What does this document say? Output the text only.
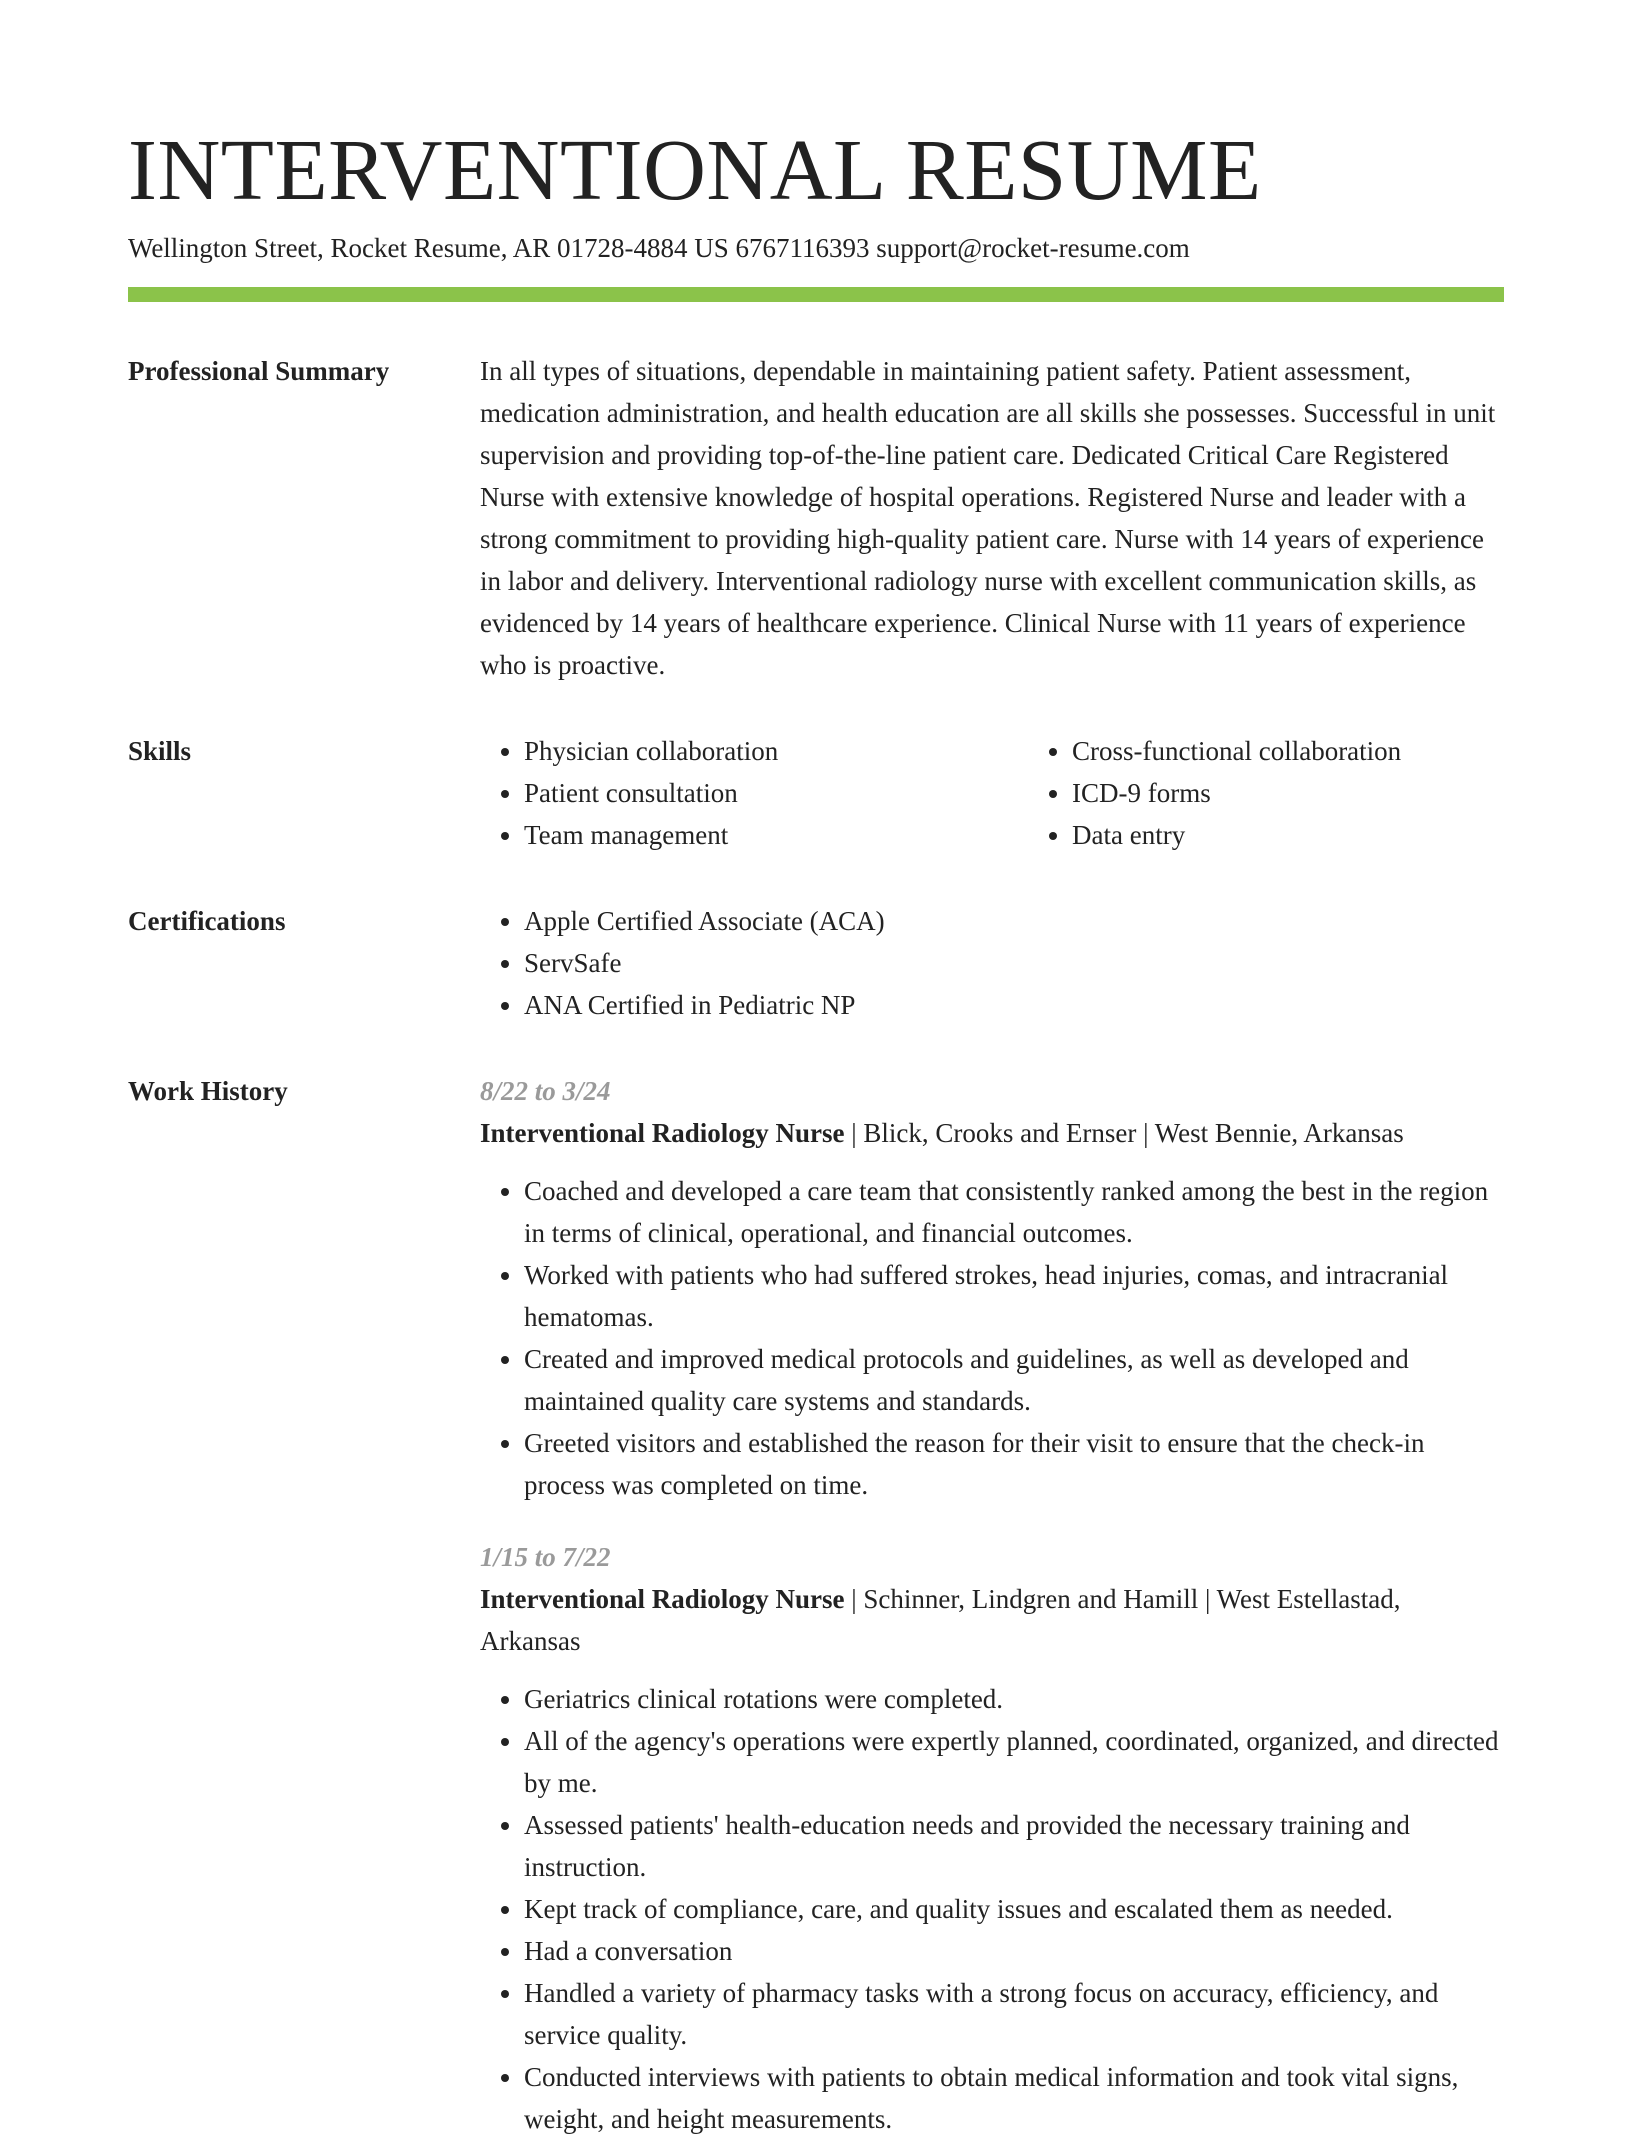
INTERVENTIONAL RESUME
Wellington Street, Rocket Resume, AR 01728-4884 US 6767116393 support@rocket-resume.com
Professional Summary	In all types of situations, dependable in maintaining patient safety. Patient assessment, medication administration, and health education are all skills she possesses. Successful in unit supervision and providing top-of-the-line patient care. Dedicated Critical Care Registered Nurse with extensive knowledge of hospital operations. Registered Nurse and leader with a strong commitment to providing high-quality patient care. Nurse with 14 years of experience in labor and delivery. Interventional radiology nurse with excellent communication skills, as evidenced by 14 years of healthcare experience. Clinical Nurse with 11 years of experience who is proactive.

Skills	• Physician collaboration
• Patient consultation
• Team management
• Cross-functional collaboration
• ICD-9 forms
• Data entry
Certifications	• Apple Certified Associate (ACA)
• ServSafe
• ANA Certified in Pediatric NP
Work History	8/22 to 3/24
Interventional Radiology Nurse | Blick, Crooks and Ernser | West Bennie, Arkansas
• Coached and developed a care team that consistently ranked among the best in the region in terms of clinical, operational, and financial outcomes.
• Worked with patients who had suffered strokes, head injuries, comas, and intracranial hematomas.
• Created and improved medical protocols and guidelines, as well as developed and maintained quality care systems and standards.
• Greeted visitors and established the reason for their visit to ensure that the check-in process was completed on time.
1/15 to 7/22
Interventional Radiology Nurse | Schinner, Lindgren and Hamill | West Estellastad, Arkansas
• Geriatrics clinical rotations were completed.
• All of the agency's operations were expertly planned, coordinated, organized, and directed by me.
• Assessed patients' health-education needs and provided the necessary training and instruction.
• Kept track of compliance, care, and quality issues and escalated them as needed.
• Had a conversation
• Handled a variety of pharmacy tasks with a strong focus on accuracy, efficiency, and service quality.
• Conducted interviews with patients to obtain medical information and took vital signs, weight, and height measurements.
